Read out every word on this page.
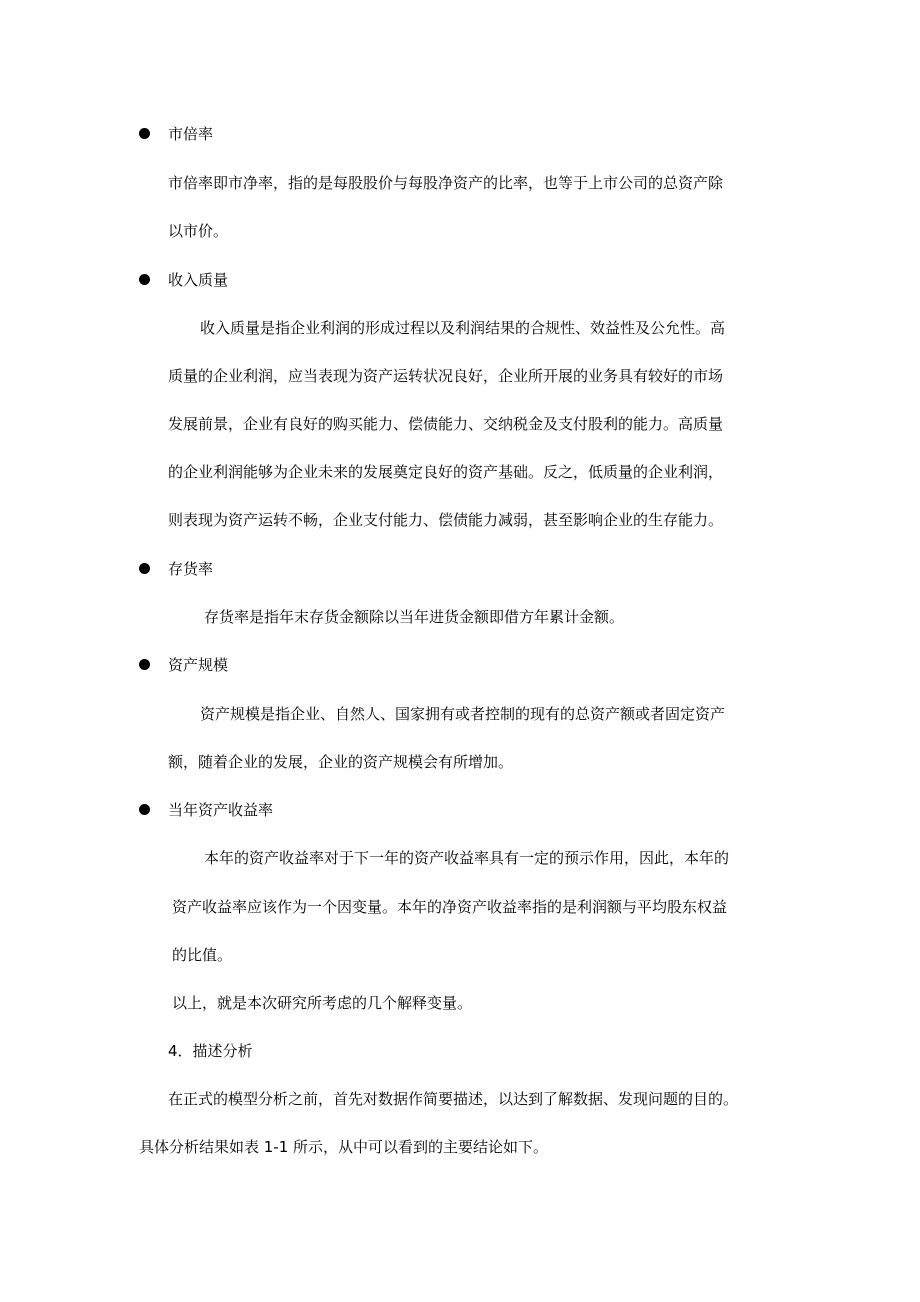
市倍率
市倍率即市净率，指的是每股股价与每股净资产的比率，也等于上市公司的总资产除
以市价。
收入质量
收入质量是指企业利润的形成过程以及利润结果的合规性、效益性及公允性。高
质量的企业利润，应当表现为资产运转状况良好，企业所开展的业务具有较好的市场
发展前景，企业有良好的购买能力、偿债能力、交纳税金及支付股利的能力。高质量
的企业利润能够为企业未来的发展奠定良好的资产基础。反之，低质量的企业利润，
则表现为资产运转不畅，企业支付能力、偿债能力减弱，甚至影响企业的生存能力。
存货率
存货率是指年末存货金额除以当年进货金额即借方年累计金额。
资产规模
资产规模是指企业、自然人、国家拥有或者控制的现有的总资产额或者固定资产
额，随着企业的发展，企业的资产规模会有所增加。
当年资产收益率
本年的资产收益率对于下一年的资产收益率具有一定的预示作用，因此，本年的
资产收益率应该作为一个因变量。本年的净资产收益率指的是利润额与平均股东权益
的比值。
以上，就是本次研究所考虑的几个解释变量。
4．描述分析
在正式的模型分析之前，首先对数据作简要描述，以达到了解数据、发现问题的目的。
具体分析结果如表 1-1 所示，从中可以看到的主要结论如下。
